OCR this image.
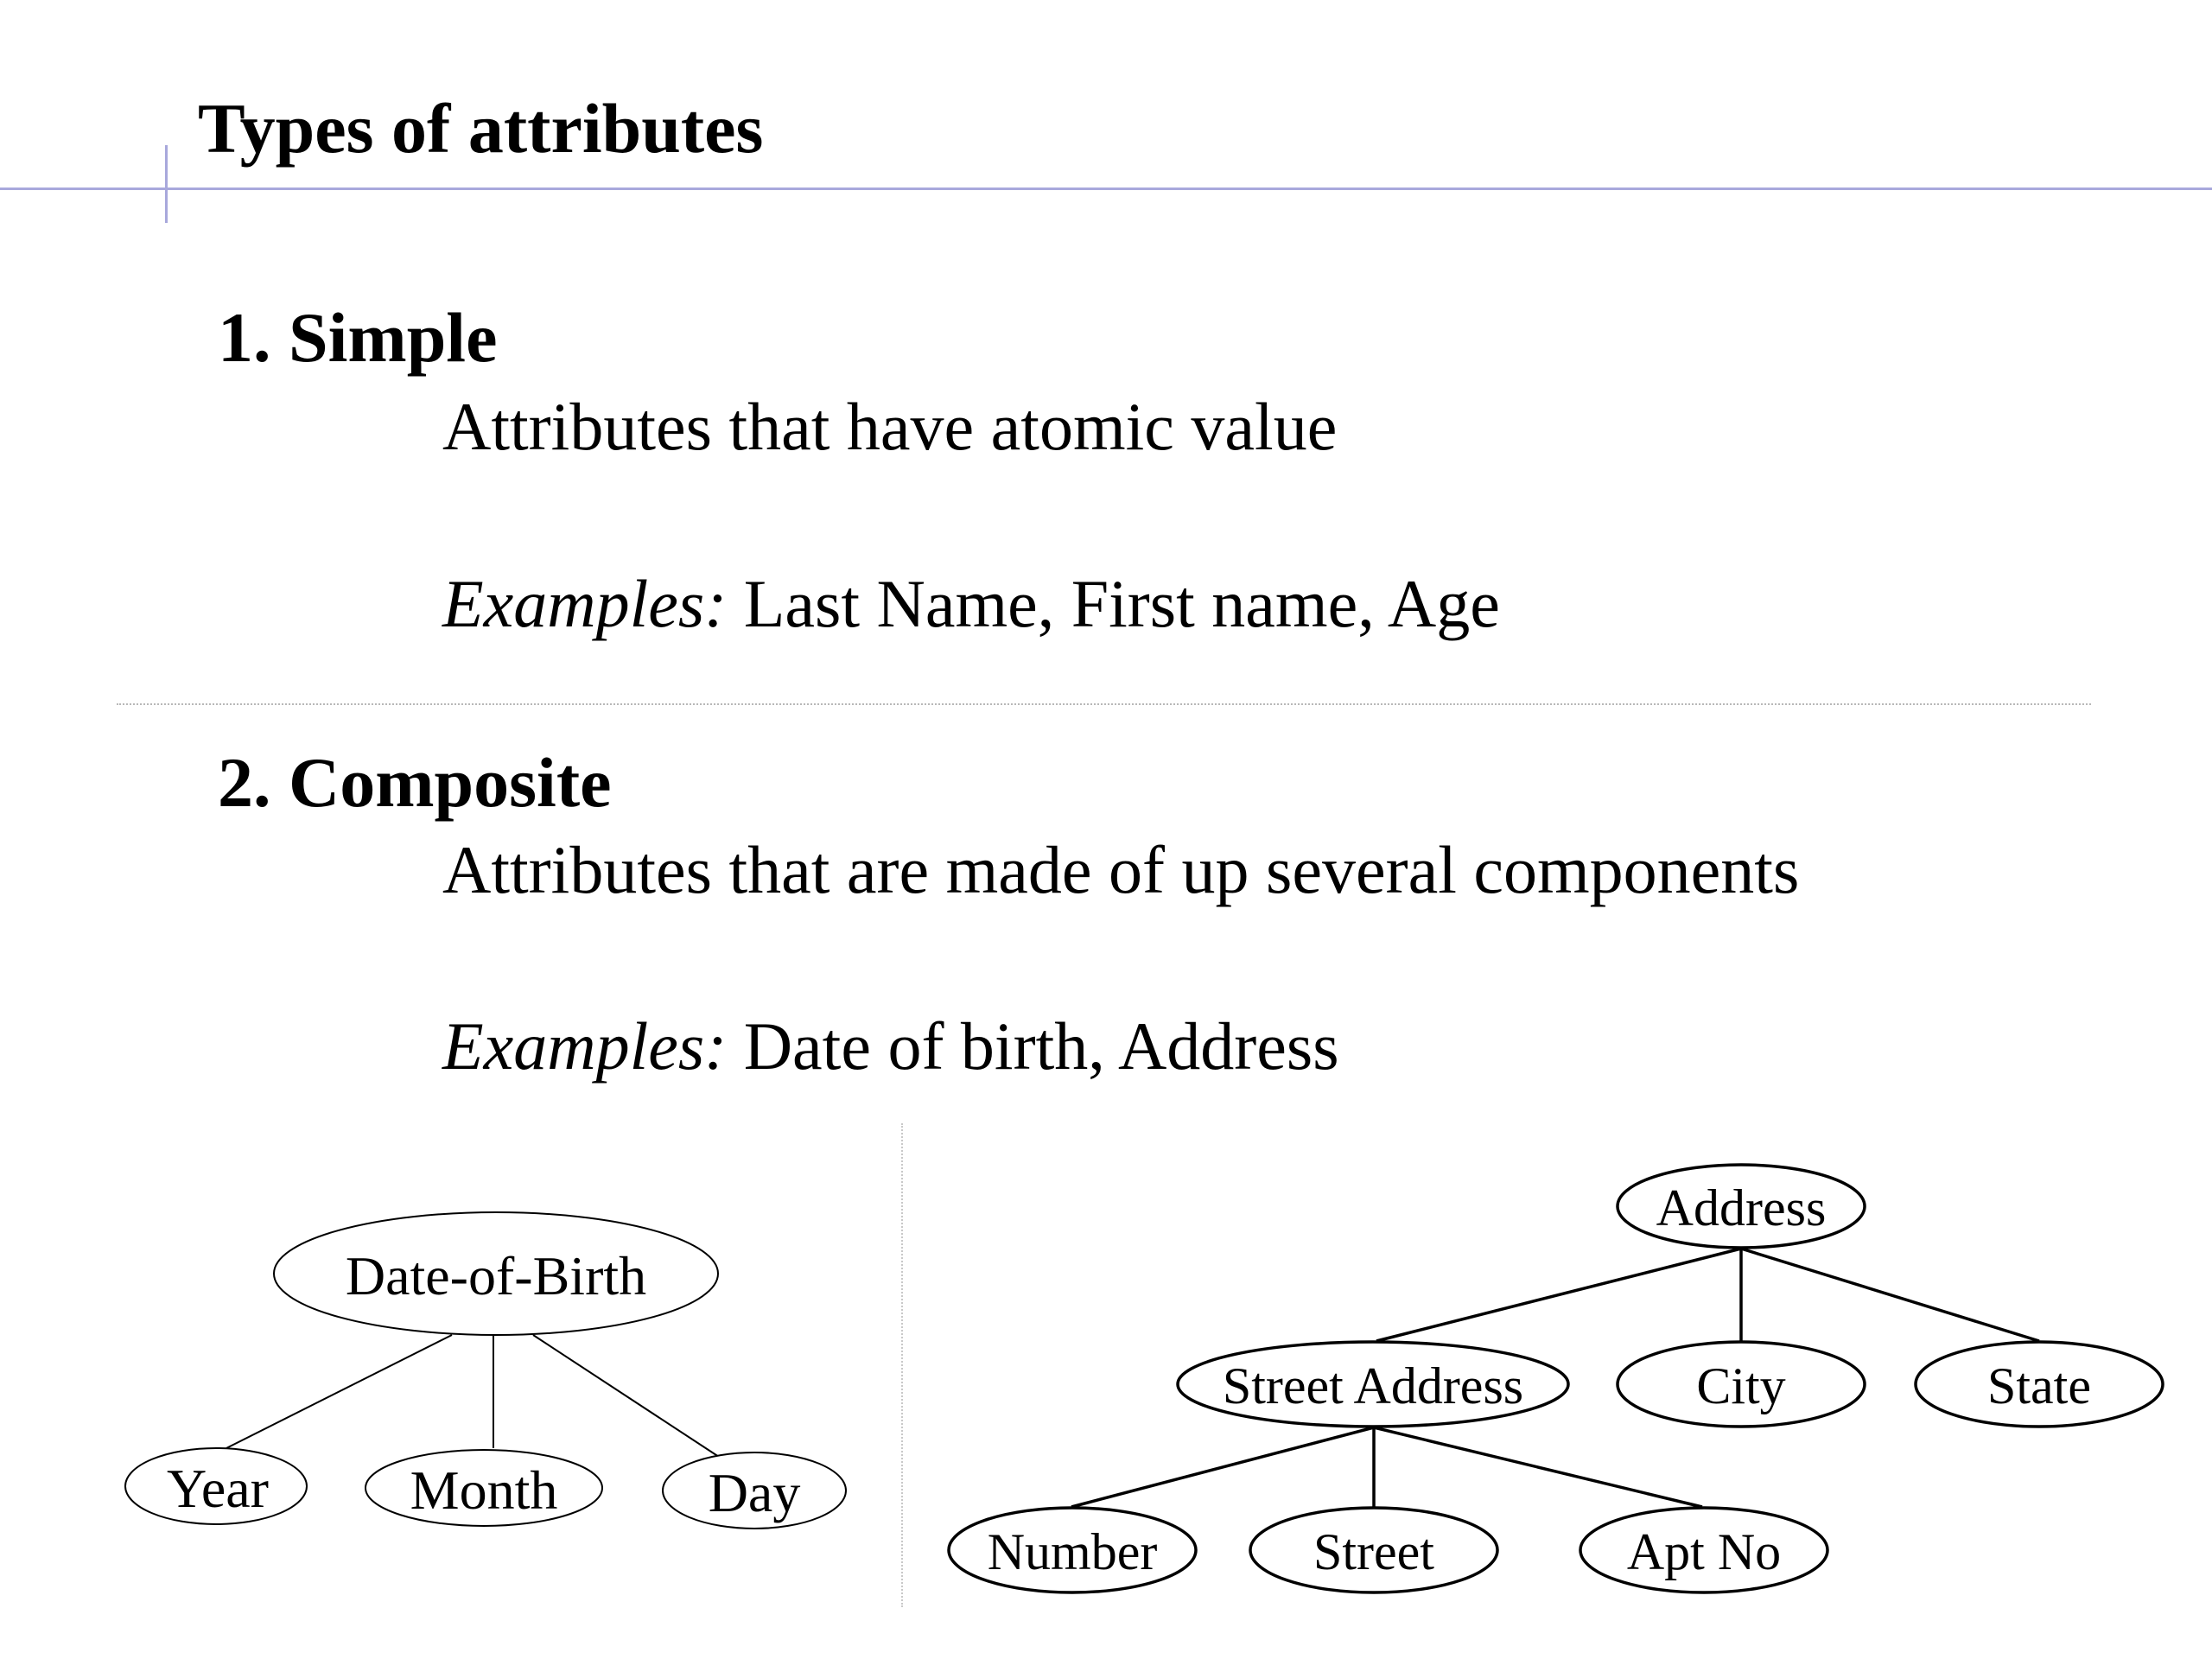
Types of attributes
1. Simple
Attributes that have atomic value
Examples: Last Name, First name, Age
2. Composite
Attributes that are made of up several components
Examples: Date of birth, Address
Date-of-Birth
Year	Month	Day
Address
Street Address	City	State
Number	Street	Apt No
